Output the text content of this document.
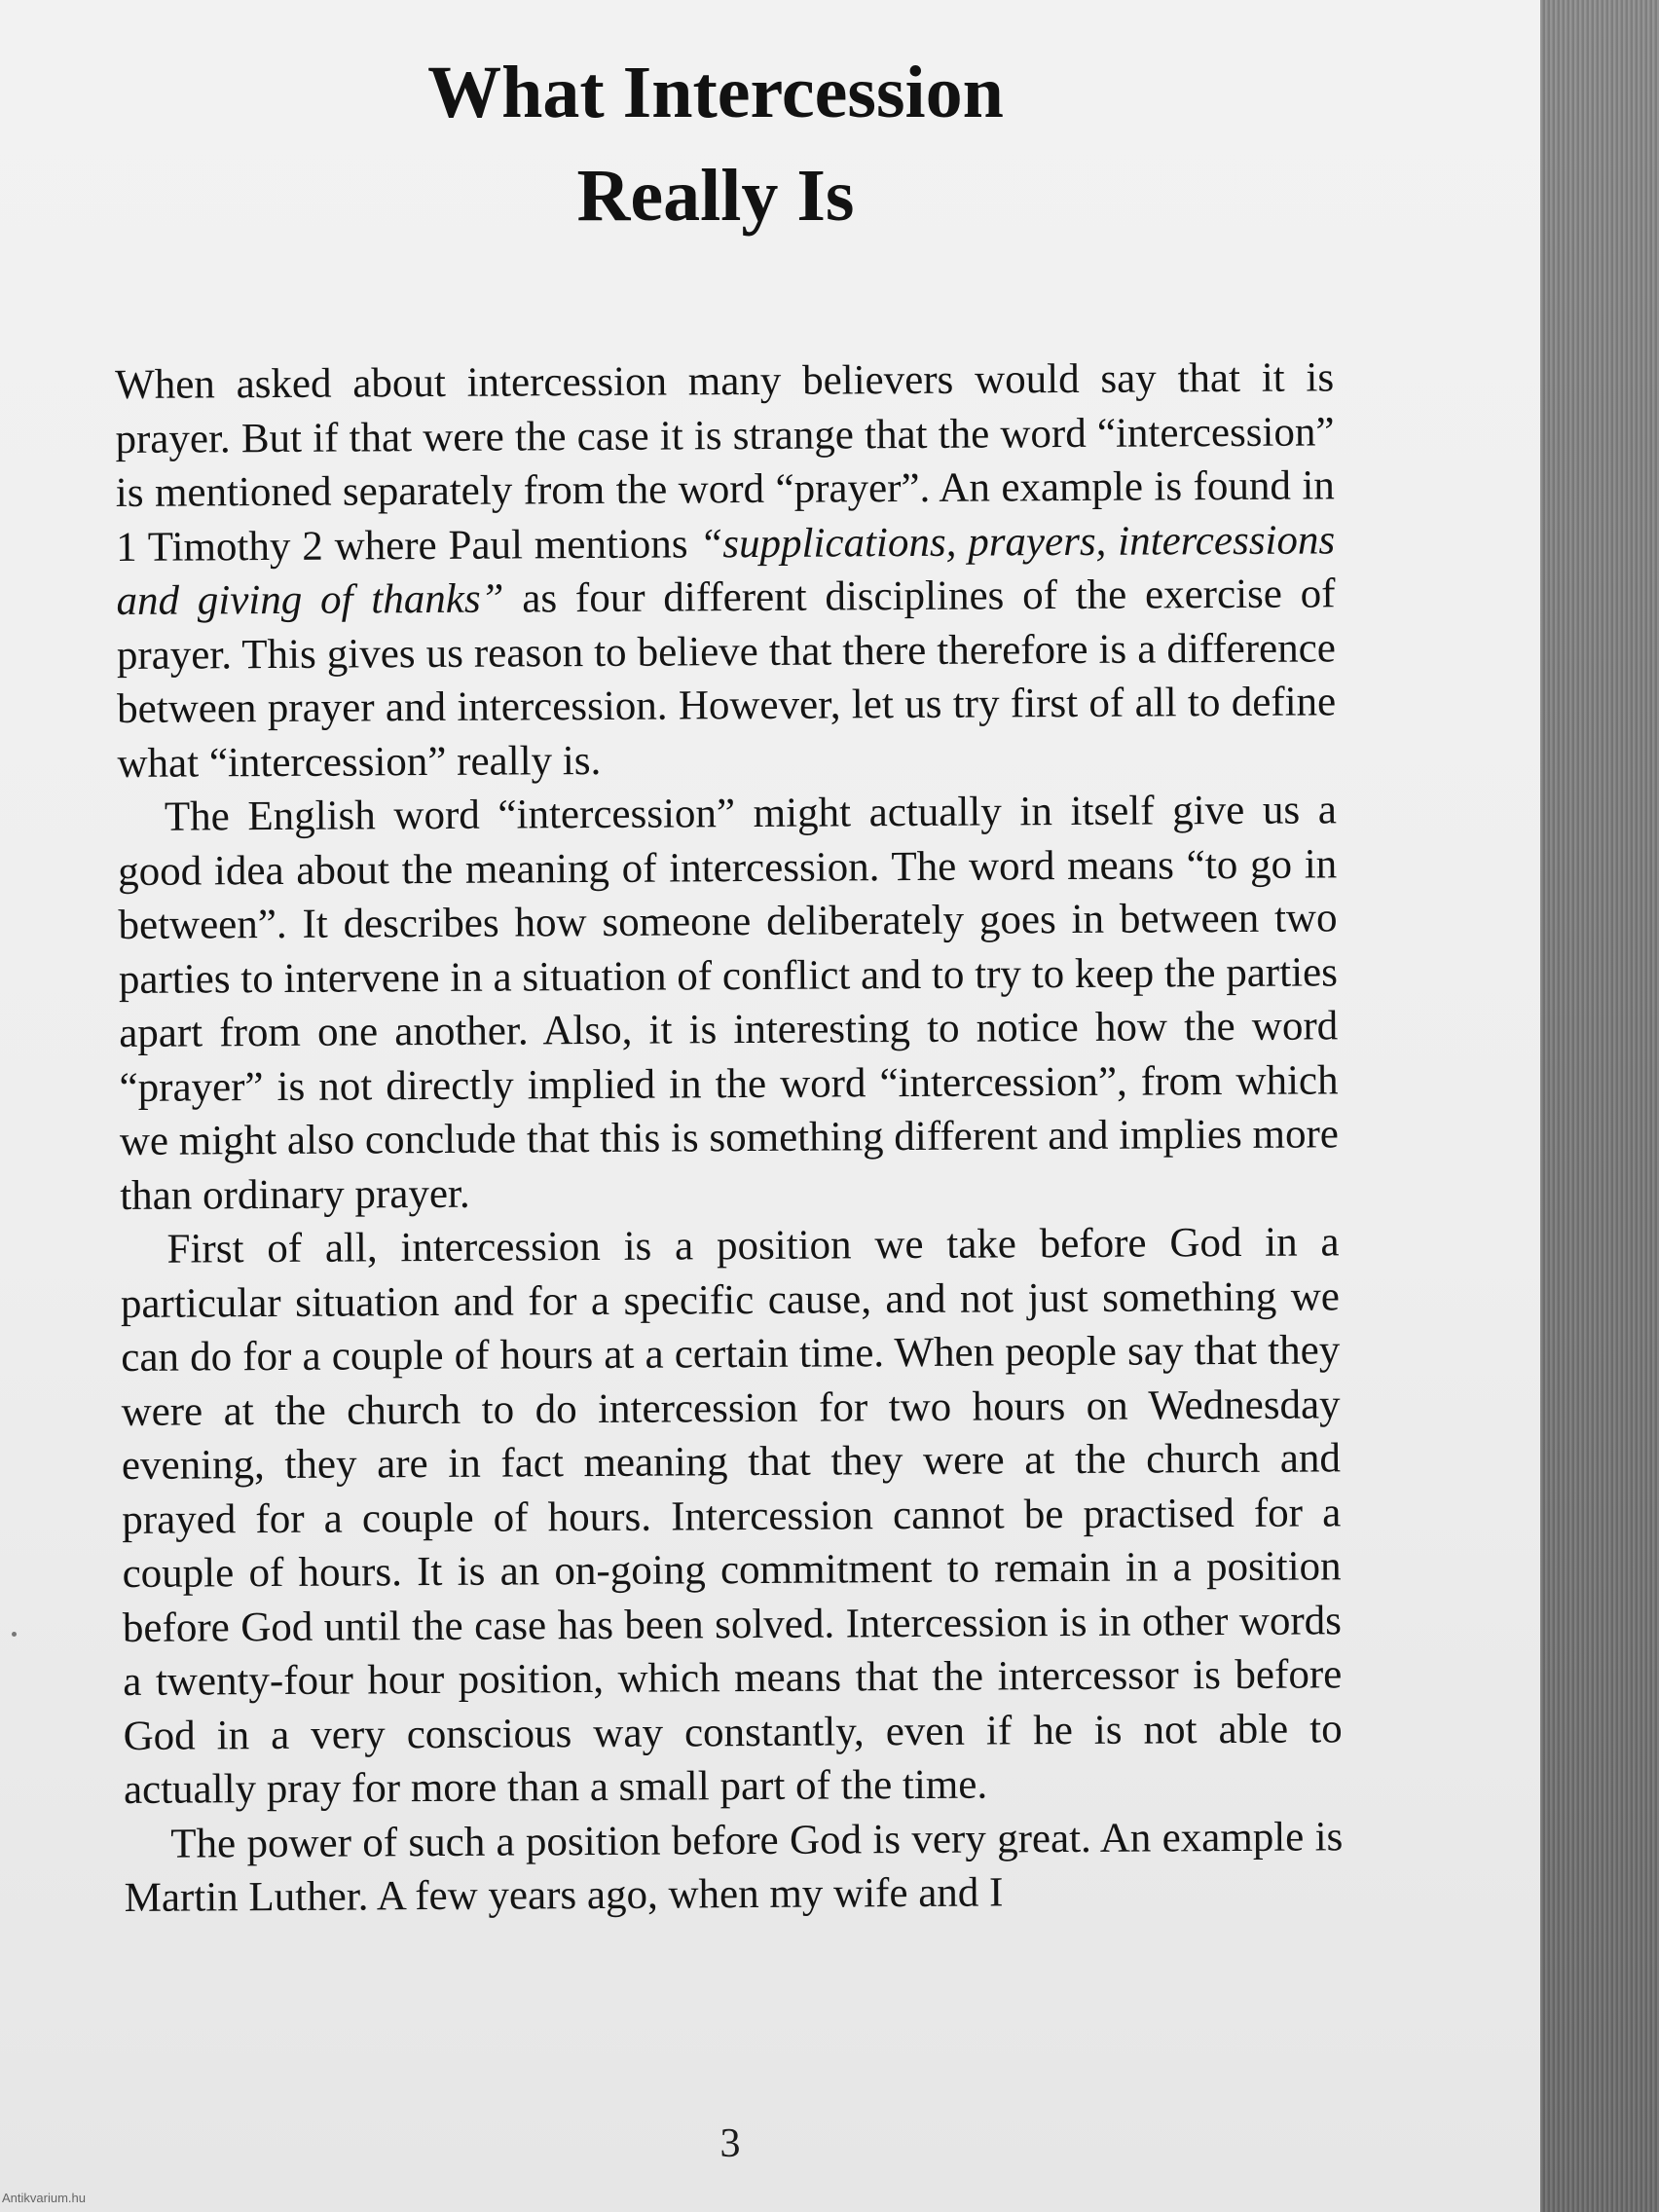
What Intercession
Really Is

When asked about intercession many believers would say that it is prayer. But if that were the case it is strange that the word “intercession” is mentioned separately from the word “prayer”. An example is found in 1 Timothy 2 where Paul mentions “supplications, prayers, intercessions and giving of thanks” as four different disciplines of the exercise of prayer. This gives us reason to believe that there therefore is a difference between prayer and intercession. However, let us try first of all to define what “intercession” really is.

The English word “intercession” might actually in itself give us a good idea about the meaning of intercession. The word means “to go in between”. It describes how someone deliberately goes in between two parties to intervene in a situation of conflict and to try to keep the parties apart from one another. Also, it is interesting to notice how the word “prayer” is not directly implied in the word “intercession”, from which we might also conclude that this is something different and implies more than ordinary prayer.

First of all, intercession is a position we take before God in a particular situation and for a specific cause, and not just something we can do for a couple of hours at a certain time. When people say that they were at the church to do intercession for two hours on Wednesday evening, they are in fact meaning that they were at the church and prayed for a couple of hours. Intercession cannot be practised for a couple of hours. It is an on-going commitment to remain in a position before God until the case has been solved. Intercession is in other words a twenty-four hour position, which means that the intercessor is before God in a very conscious way constantly, even if he is not able to actually pray for more than a small part of the time.

The power of such a position before God is very great. An example is Martin Luther. A few years ago, when my wife and I

3
Antikvarium.hu
